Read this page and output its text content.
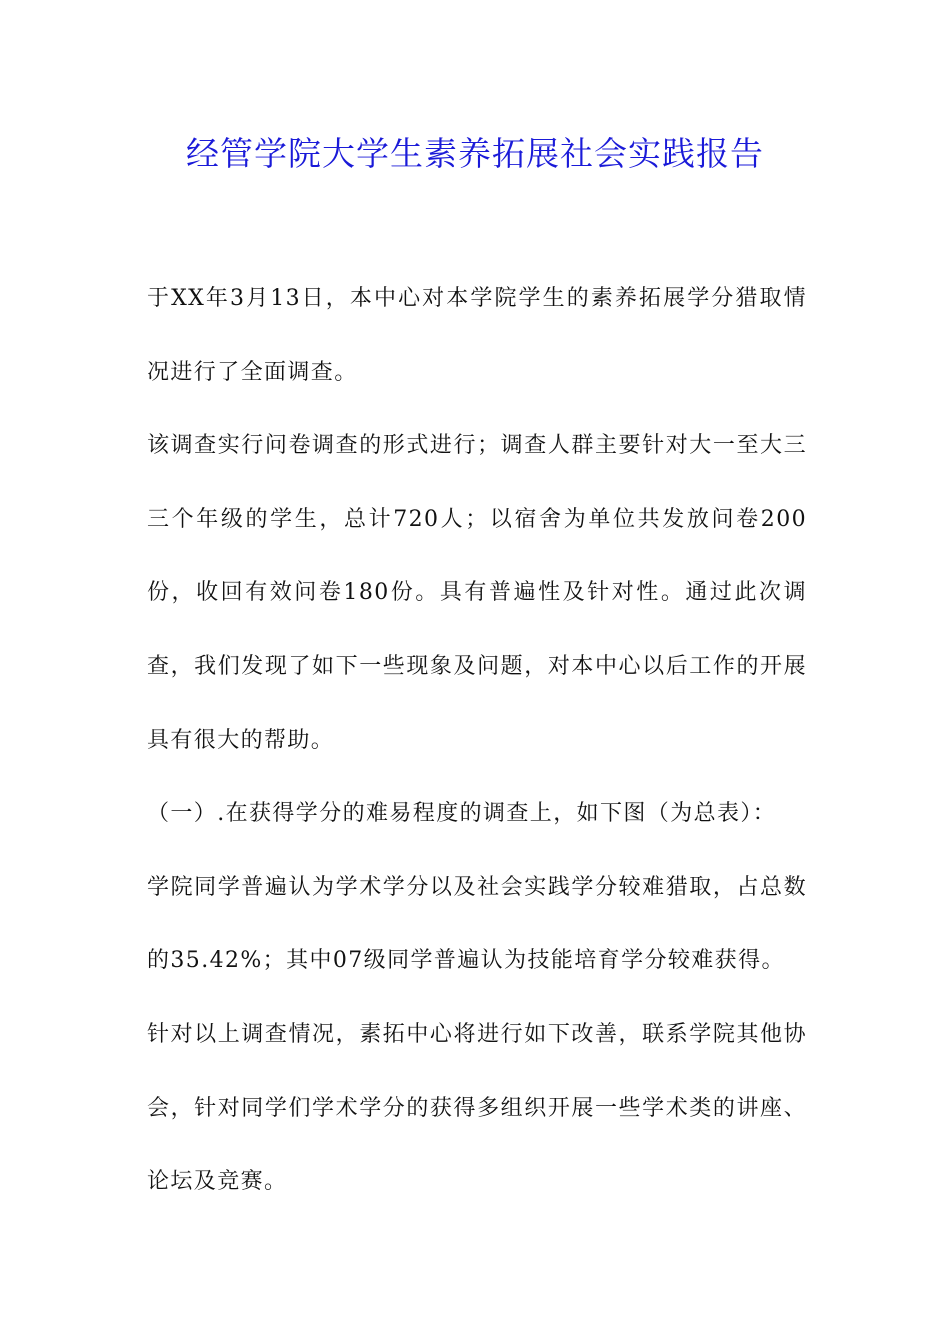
经管学院大学生素养拓展社会实践报告

于XX年3月13日，本中心对本学院学生的素养拓展学分猎取情况进行了全面调查。

该调查实行问卷调查的形式进行；调查人群主要针对大一至大三三个年级的学生，总计720人；以宿舍为单位共发放问卷200份，收回有效问卷180份。具有普遍性及针对性。通过此次调查，我们发现了如下一些现象及问题，对本中心以后工作的开展具有很大的帮助。

（一）.在获得学分的难易程度的调查上，如下图（为总表）：

学院同学普遍认为学术学分以及社会实践学分较难猎取，占总数的35.42%；其中07级同学普遍认为技能培育学分较难获得。

针对以上调查情况，素拓中心将进行如下改善，联系学院其他协会，针对同学们学术学分的获得多组织开展一些学术类的讲座、论坛及竞赛。
